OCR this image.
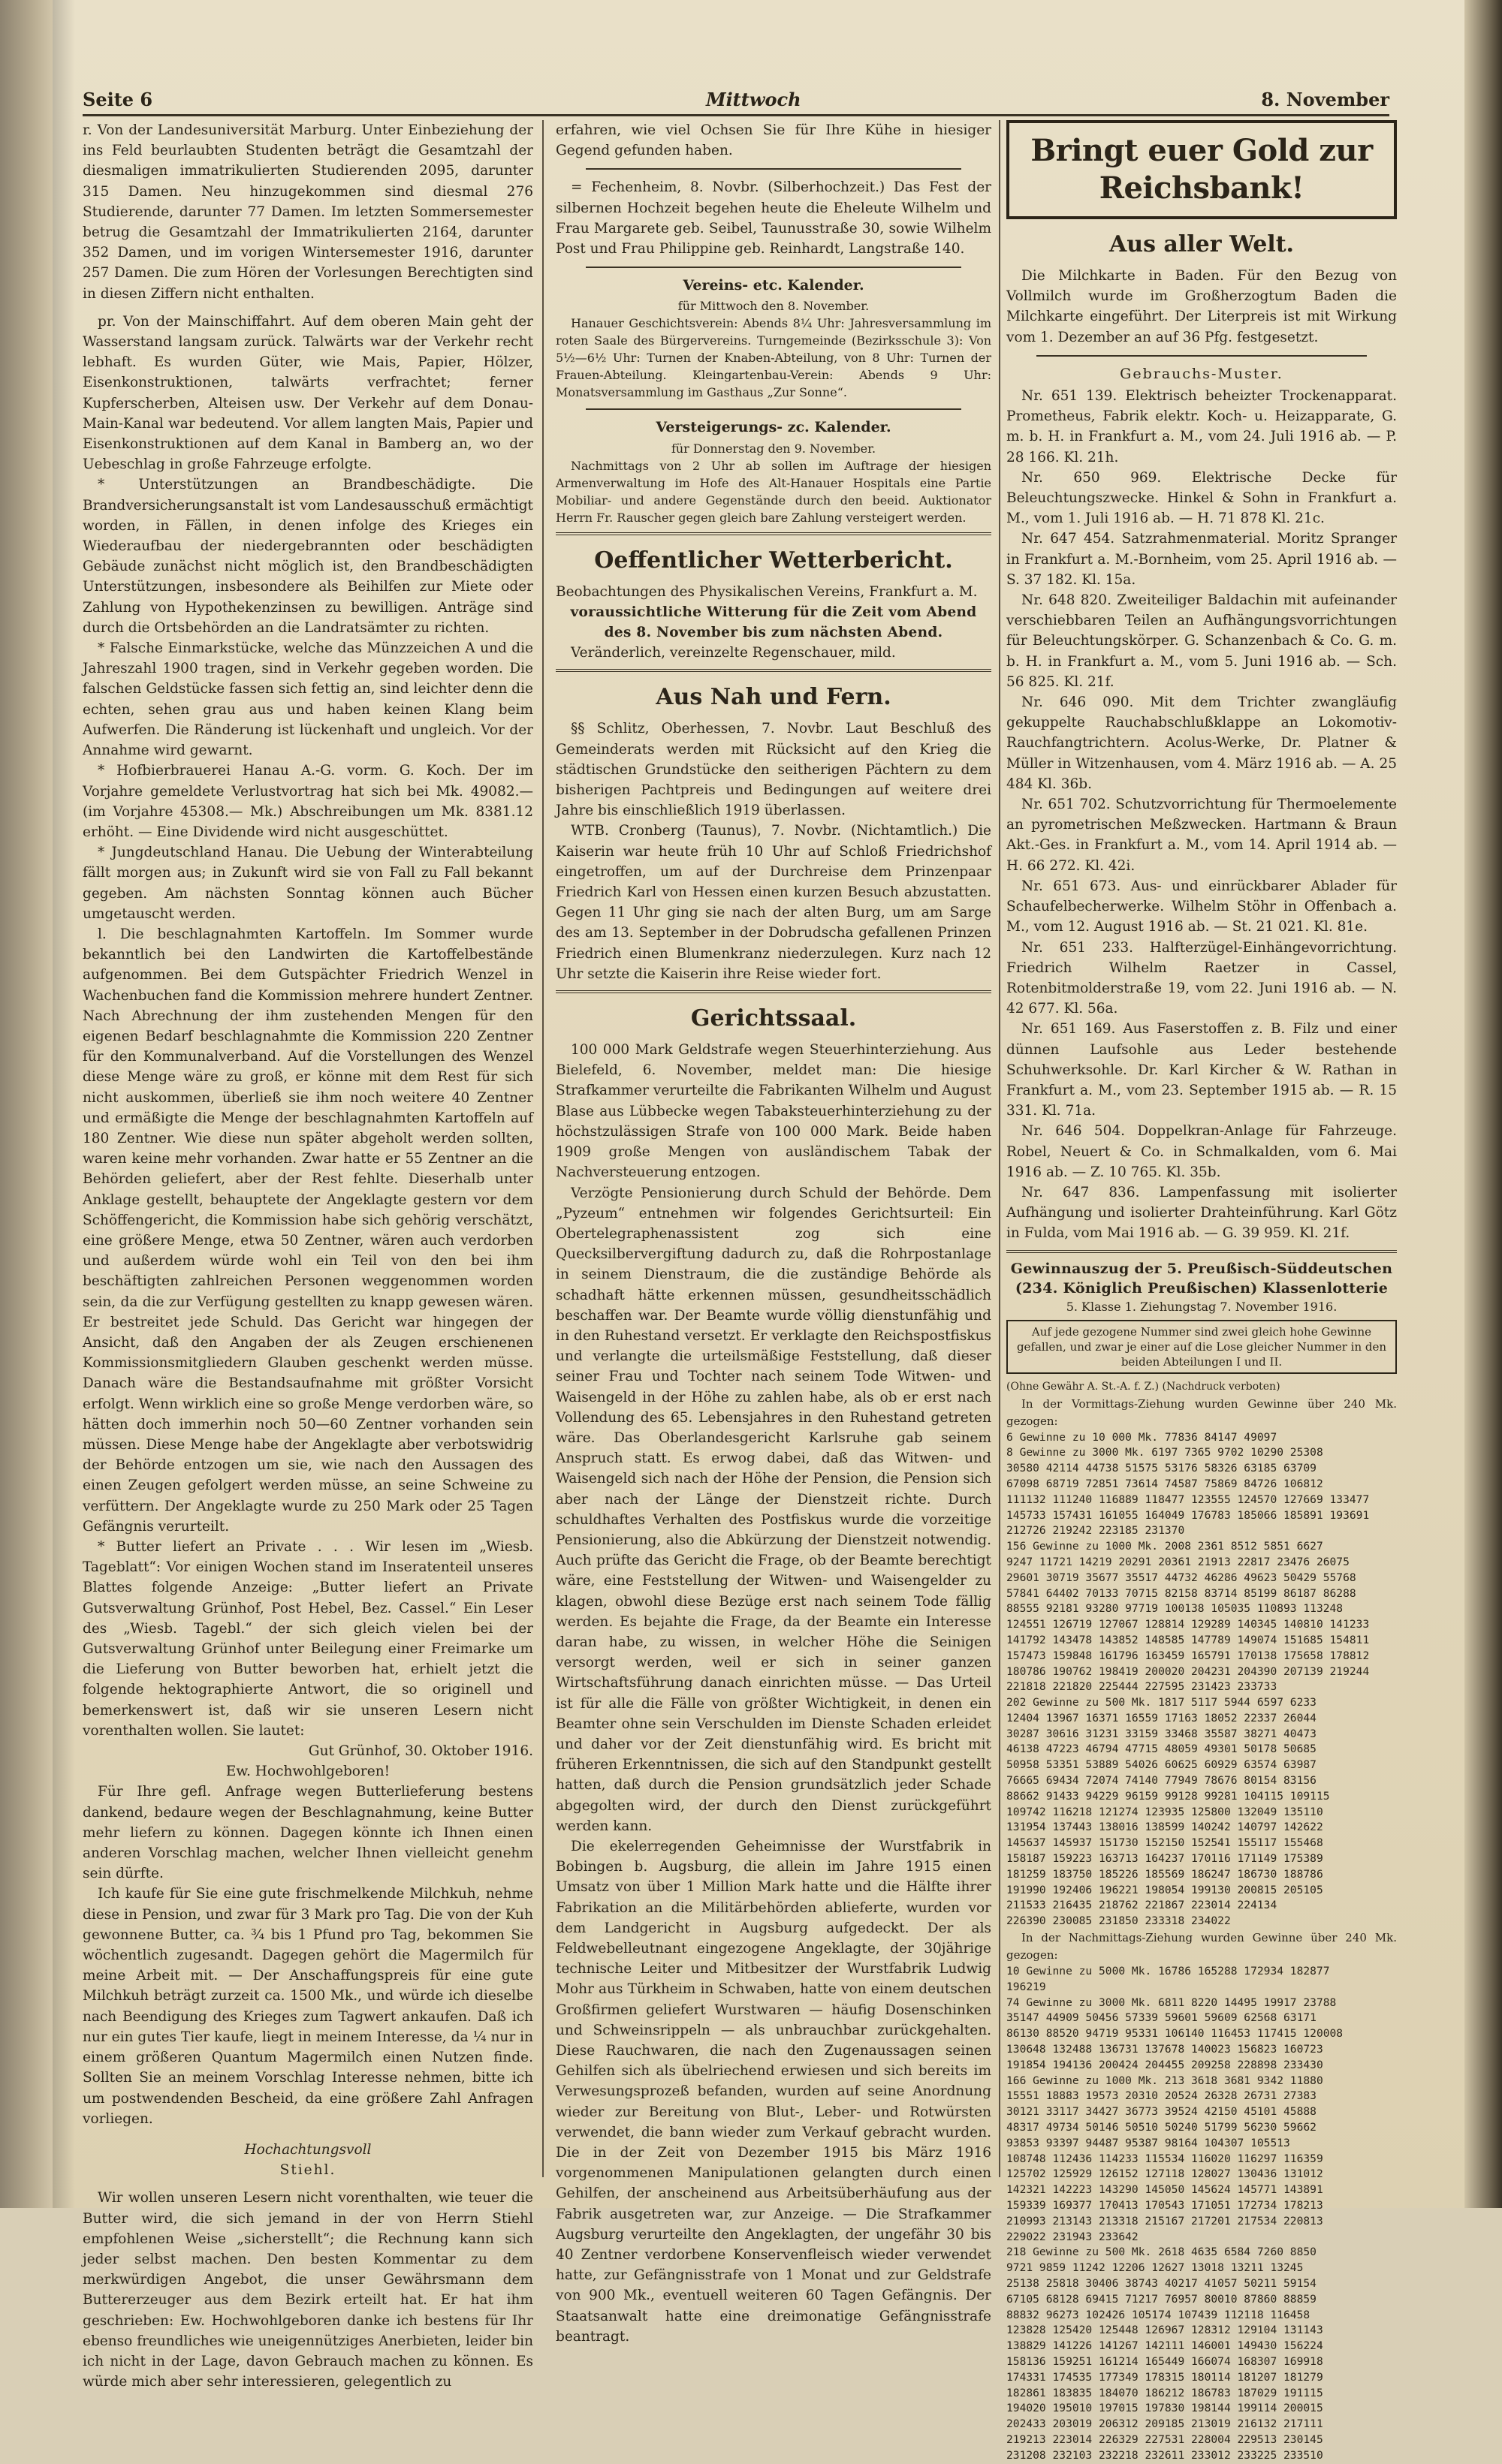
Seite 6	Mittwoch	8. November

r. Von der Landesuniversität Marburg. Unter Einbeziehung der ins Feld beurlaubten Studenten beträgt die Gesamtzahl der diesmaligen immatrikulierten Studierenden 2095, darunter 315 Damen. Neu hinzugekommen sind diesmal 276 Studierende, darunter 77 Damen. Im letzten Sommersemester betrug die Gesamtzahl der Immatrikulierten 2164, darunter 352 Damen, und im vorigen Wintersemester 1916, darunter 257 Damen. Die zum Hören der Vorlesungen Berechtigten sind in diesen Ziffern nicht enthalten.

pr. Von der Mainschiffahrt. Auf dem oberen Main geht der Wasserstand langsam zurück. Talwärts war der Verkehr recht lebhaft. Es wurden Güter, wie Mais, Papier, Hölzer, Eisenkonstruktionen, talwärts verfrachtet; ferner Kupferscherben, Alteisen usw. Der Verkehr auf dem Donau-Main-Kanal war bedeutend. Vor allem langten Mais, Papier und Eisenkonstruktionen auf dem Kanal in Bamberg an, wo der Uebeschlag in große Fahrzeuge erfolgte.

* Unterstützungen an Brandbeschädigte. Die Brandversicherungsanstalt ist vom Landesausschuß ermächtigt worden, in Fällen, in denen infolge des Krieges ein Wiederaufbau der niedergebrannten oder beschädigten Gebäude zunächst nicht möglich ist, den Brandbeschädigten Unterstützungen, insbesondere als Beihilfen zur Miete oder Zahlung von Hypothekenzinsen zu bewilligen. Anträge sind durch die Ortsbehörden an die Landratsämter zu richten.

* Falsche Einmarkstücke, welche das Münzzeichen A und die Jahreszahl 1900 tragen, sind in Verkehr gegeben worden. Die falschen Geldstücke fassen sich fettig an, sind leichter denn die echten, sehen grau aus und haben keinen Klang beim Aufwerfen. Die Ränderung ist lückenhaft und ungleich. Vor der Annahme wird gewarnt.

* Hofbierbrauerei Hanau A.-G. vorm. G. Koch. Der im Vorjahre gemeldete Verlustvortrag hat sich bei Mk. 49082.— (im Vorjahre 45308.— Mk.) Abschreibungen um Mk. 8381.12 erhöht. — Eine Dividende wird nicht ausgeschüttet.

* Jungdeutschland Hanau. Die Uebung der Winterabteilung fällt morgen aus; in Zukunft wird sie von Fall zu Fall bekannt gegeben. Am nächsten Sonntag können auch Bücher umgetauscht werden.

l. Die beschlagnahmten Kartoffeln. Im Sommer wurde bekanntlich bei den Landwirten die Kartoffelbestände aufgenommen. Bei dem Gutspächter Friedrich Wenzel in Wachenbuchen fand die Kommission mehrere hundert Zentner. Nach Abrechnung der ihm zustehenden Mengen für den eigenen Bedarf beschlagnahmte die Kommission 220 Zentner für den Kommunalverband. Auf die Vorstellungen des Wenzel diese Menge wäre zu groß, er könne mit dem Rest für sich nicht auskommen, überließ sie ihm noch weitere 40 Zentner und ermäßigte die Menge der beschlagnahmten Kartoffeln auf 180 Zentner. Wie diese nun später abgeholt werden sollten, waren keine mehr vorhanden. Zwar hatte er 55 Zentner an die Behörden geliefert, aber der Rest fehlte. Dieserhalb unter Anklage gestellt, behauptete der Angeklagte gestern vor dem Schöffengericht, die Kommission habe sich gehörig verschätzt, eine größere Menge, etwa 50 Zentner, wären auch verdorben und außerdem würde wohl ein Teil von den bei ihm beschäftigten zahlreichen Personen weggenommen worden sein, da die zur Verfügung gestellten zu knapp gewesen wären. Er bestreitet jede Schuld. Das Gericht war hingegen der Ansicht, daß den Angaben der als Zeugen erschienenen Kommissionsmitgliedern Glauben geschenkt werden müsse. Danach wäre die Bestandsaufnahme mit größter Vorsicht erfolgt. Wenn wirklich eine so große Menge verdorben wäre, so hätten doch immerhin noch 50—60 Zentner vorhanden sein müssen. Diese Menge habe der Angeklagte aber verbotswidrig der Behörde entzogen um sie, wie nach den Aussagen des einen Zeugen gefolgert werden müsse, an seine Schweine zu verfüttern. Der Angeklagte wurde zu 250 Mark oder 25 Tagen Gefängnis verurteilt.

* Butter liefert an Private . . . Wir lesen im „Wiesb. Tageblatt“: Vor einigen Wochen stand im Inseratenteil unseres Blattes folgende Anzeige: „Butter liefert an Private Gutsverwaltung Grünhof, Post Hebel, Bez. Cassel.“ Ein Leser des „Wiesb. Tagebl.“ der sich gleich vielen bei der Gutsverwaltung Grünhof unter Beilegung einer Freimarke um die Lieferung von Butter beworben hat, erhielt jetzt die folgende hektographierte Antwort, die so originell und bemerkenswert ist, daß wir sie unseren Lesern nicht vorenthalten wollen. Sie lautet:

Gut Grünhof, 30. Oktober 1916.

Ew. Hochwohlgeboren!

Für Ihre gefl. Anfrage wegen Butterlieferung bestens dankend, bedaure wegen der Beschlagnahmung, keine Butter mehr liefern zu können. Dagegen könnte ich Ihnen einen anderen Vorschlag machen, welcher Ihnen vielleicht genehm sein dürfte.

Ich kaufe für Sie eine gute frischmelkende Milchkuh, nehme diese in Pension, und zwar für 3 Mark pro Tag. Die von der Kuh gewonnene Butter, ca. ¾ bis 1 Pfund pro Tag, bekommen Sie wöchentlich zugesandt. Dagegen gehört die Magermilch für meine Arbeit mit. — Der Anschaffungspreis für eine gute Milchkuh beträgt zurzeit ca. 1500 Mk., und würde ich dieselbe nach Beendigung des Krieges zum Tagwert ankaufen. Daß ich nur ein gutes Tier kaufe, liegt in meinem Interesse, da ¼ nur in einem größeren Quantum Magermilch einen Nutzen finde. Sollten Sie an meinem Vorschlag Interesse nehmen, bitte ich um postwendenden Bescheid, da eine größere Zahl Anfragen vorliegen.

Hochachtungsvoll

Stiehl.

Wir wollen unseren Lesern nicht vorenthalten, wie teuer die Butter wird, die sich jemand in der von Herrn Stiehl empfohlenen Weise „sicherstellt“; die Rechnung kann sich jeder selbst machen. Den besten Kommentar zu dem merkwürdigen Angebot, die unser Gewährsmann dem Buttererzeuger aus dem Bezirk erteilt hat. Er hat ihm geschrieben: Ew. Hochwohlgeboren danke ich bestens für Ihr ebenso freundliches wie uneigennütziges Anerbieten, leider bin ich nicht in der Lage, davon Gebrauch machen zu können. Es würde mich aber sehr interessieren, gelegentlich zu

erfahren, wie viel Ochsen Sie für Ihre Kühe in hiesiger Gegend gefunden haben.

= Fechenheim, 8. Novbr. (Silberhochzeit.) Das Fest der silbernen Hochzeit begehen heute die Eheleute Wilhelm und Frau Margarete geb. Seibel, Taunusstraße 30, sowie Wilhelm Post und Frau Philippine geb. Reinhardt, Langstraße 140.

Vereins- etc. Kalender.

für Mittwoch den 8. November.

Hanauer Geschichtsverein: Abends 8¼ Uhr: Jahresversammlung im roten Saale des Bürgervereins. Turngemeinde (Bezirksschule 3): Von 5½—6½ Uhr: Turnen der Knaben-Abteilung, von 8 Uhr: Turnen der Frauen-Abteilung. Kleingartenbau-Verein: Abends 9 Uhr: Monatsversammlung im Gasthaus „Zur Sonne“.

Versteigerungs- zc. Kalender.

für Donnerstag den 9. November.

Nachmittags von 2 Uhr ab sollen im Auftrage der hiesigen Armenverwaltung im Hofe des Alt-Hanauer Hospitals eine Partie Mobiliar- und andere Gegenstände durch den beeid. Auktionator Herrn Fr. Rauscher gegen gleich bare Zahlung versteigert werden.

Oeffentlicher Wetterbericht.

Beobachtungen des Physikalischen Vereins, Frankfurt a. M.

voraussichtliche Witterung für die Zeit vom Abend des 8. November bis zum nächsten Abend.

Veränderlich, vereinzelte Regenschauer, mild.

Aus Nah und Fern.

§§ Schlitz, Oberhessen, 7. Novbr. Laut Beschluß des Gemeinderats werden mit Rücksicht auf den Krieg die städtischen Grundstücke den seitherigen Pächtern zu dem bisherigen Pachtpreis und Bedingungen auf weitere drei Jahre bis einschließlich 1919 überlassen.

WTB. Cronberg (Taunus), 7. Novbr. (Nichtamtlich.) Die Kaiserin war heute früh 10 Uhr auf Schloß Friedrichshof eingetroffen, um auf der Durchreise dem Prinzenpaar Friedrich Karl von Hessen einen kurzen Besuch abzustatten. Gegen 11 Uhr ging sie nach der alten Burg, um am Sarge des am 13. September in der Dobrudscha gefallenen Prinzen Friedrich einen Blumenkranz niederzulegen. Kurz nach 12 Uhr setzte die Kaiserin ihre Reise wieder fort.

Gerichtssaal.

100 000 Mark Geldstrafe wegen Steuerhinterziehung. Aus Bielefeld, 6. November, meldet man: Die hiesige Strafkammer verurteilte die Fabrikanten Wilhelm und August Blase aus Lübbecke wegen Tabaksteuerhinterziehung zu der höchstzulässigen Strafe von 100 000 Mark. Beide haben 1909 große Mengen von ausländischem Tabak der Nachversteuerung entzogen.

Verzögte Pensionierung durch Schuld der Behörde. Dem „Pyzeum“ entnehmen wir folgendes Gerichtsurteil: Ein Obertelegraphenassistent zog sich eine Quecksilbervergiftung dadurch zu, daß die Rohrpostanlage in seinem Dienstraum, die die zuständige Behörde als schadhaft hätte erkennen müssen, gesundheitsschädlich beschaffen war. Der Beamte wurde völlig dienstunfähig und in den Ruhestand versetzt. Er verklagte den Reichspostfiskus und verlangte die urteilsmäßige Feststellung, daß dieser seiner Frau und Tochter nach seinem Tode Witwen- und Waisengeld in der Höhe zu zahlen habe, als ob er erst nach Vollendung des 65. Lebensjahres in den Ruhestand getreten wäre. Das Oberlandesgericht Karlsruhe gab seinem Anspruch statt. Es erwog dabei, daß das Witwen- und Waisengeld sich nach der Höhe der Pension, die Pension sich aber nach der Länge der Dienstzeit richte. Durch schuldhaftes Verhalten des Postfiskus wurde die vorzeitige Pensionierung, also die Abkürzung der Dienstzeit notwendig. Auch prüfte das Gericht die Frage, ob der Beamte berechtigt wäre, eine Feststellung der Witwen- und Waisengelder zu klagen, obwohl diese Bezüge erst nach seinem Tode fällig werden. Es bejahte die Frage, da der Beamte ein Interesse daran habe, zu wissen, in welcher Höhe die Seinigen versorgt werden, weil er sich in seiner ganzen Wirtschaftsführung danach einrichten müsse. — Das Urteil ist für alle die Fälle von größter Wichtigkeit, in denen ein Beamter ohne sein Verschulden im Dienste Schaden erleidet und daher vor der Zeit dienstunfähig wird. Es bricht mit früheren Erkenntnissen, die sich auf den Standpunkt gestellt hatten, daß durch die Pension grundsätzlich jeder Schade abgegolten wird, der durch den Dienst zurückgeführt werden kann.

Die ekelerregenden Geheimnisse der Wurstfabrik in Bobingen b. Augsburg, die allein im Jahre 1915 einen Umsatz von über 1 Million Mark hatte und die Hälfte ihrer Fabrikation an die Militärbehörden ablieferte, wurden vor dem Landgericht in Augsburg aufgedeckt. Der als Feldwebelleutnant eingezogene Angeklagte, der 30jährige technische Leiter und Mitbesitzer der Wurstfabrik Ludwig Mohr aus Türkheim in Schwaben, hatte von einem deutschen Großfirmen geliefert Wurstwaren — häufig Dosenschinken und Schweinsrippeln — als unbrauchbar zurückgehalten. Diese Rauchwaren, die nach den Zugenaussagen seinen Gehilfen sich als übelriechend erwiesen und sich bereits im Verwesungsprozeß befanden, wurden auf seine Anordnung wieder zur Bereitung von Blut-, Leber- und Rotwürsten verwendet, die bann wieder zum Verkauf gebracht wurden. Die in der Zeit von Dezember 1915 bis März 1916 vorgenommenen Manipulationen gelangten durch einen Gehilfen, der anscheinend aus Arbeitsüberhäufung aus der Fabrik ausgetreten war, zur Anzeige. — Die Strafkammer Augsburg verurteilte den Angeklagten, der ungefähr 30 bis 40 Zentner verdorbene Konservenfleisch wieder verwendet hatte, zur Gefängnisstrafe von 1 Monat und zur Geldstrafe von 900 Mk., eventuell weiteren 60 Tagen Gefängnis. Der Staatsanwalt hatte eine dreimonatige Gefängnisstrafe beantragt.

Bringt euer Gold zur Reichsbank!
Aus aller Welt.

Die Milchkarte in Baden. Für den Bezug von Vollmilch wurde im Großherzogtum Baden die Milchkarte eingeführt. Der Literpreis ist mit Wirkung vom 1. Dezember an auf 36 Pfg. festgesetzt.

Gebrauchs-Muster.

Nr. 651 139. Elektrisch beheizter Trockenapparat. Prometheus, Fabrik elektr. Koch- u. Heizapparate, G. m. b. H. in Frankfurt a. M., vom 24. Juli 1916 ab. — P. 28 166. Kl. 21h.

Nr. 650 969. Elektrische Decke für Beleuchtungszwecke. Hinkel & Sohn in Frankfurt a. M., vom 1. Juli 1916 ab. — H. 71 878 Kl. 21c.

Nr. 647 454. Satzrahmenmaterial. Moritz Spranger in Frankfurt a. M.-Bornheim, vom 25. April 1916 ab. — S. 37 182. Kl. 15a.

Nr. 648 820. Zweiteiliger Baldachin mit aufeinander verschiebbaren Teilen an Aufhängungsvorrichtungen für Beleuchtungskörper. G. Schanzenbach & Co. G. m. b. H. in Frankfurt a. M., vom 5. Juni 1916 ab. — Sch. 56 825. Kl. 21f.

Nr. 646 090. Mit dem Trichter zwangläufig gekuppelte Rauchabschlußklappe an Lokomotiv-Rauchfangtrichtern. Acolus-Werke, Dr. Platner & Müller in Witzenhausen, vom 4. März 1916 ab. — A. 25 484 Kl. 36b.

Nr. 651 702. Schutzvorrichtung für Thermoelemente an pyrometrischen Meßzwecken. Hartmann & Braun Akt.-Ges. in Frankfurt a. M., vom 14. April 1914 ab. — H. 66 272. Kl. 42i.

Nr. 651 673. Aus- und einrückbarer Ablader für Schaufelbecherwerke. Wilhelm Stöhr in Offenbach a. M., vom 12. August 1916 ab. — St. 21 021. Kl. 81e.

Nr. 651 233. Halfterzügel-Einhängevorrichtung. Friedrich Wilhelm Raetzer in Cassel, Rotenbitmolderstraße 19, vom 22. Juni 1916 ab. — N. 42 677. Kl. 56a.

Nr. 651 169. Aus Faserstoffen z. B. Filz und einer dünnen Laufsohle aus Leder bestehende Schuhwerksohle. Dr. Karl Kircher & W. Rathan in Frankfurt a. M., vom 23. September 1915 ab. — R. 15 331. Kl. 71a.

Nr. 646 504. Doppelkran-Anlage für Fahrzeuge. Robel, Neuert & Co. in Schmalkalden, vom 6. Mai 1916 ab. — Z. 10 765. Kl. 35b.

Nr. 647 836. Lampenfassung mit isolierter Aufhängung und isolierter Drahteinführung. Karl Götz in Fulda, vom Mai 1916 ab. — G. 39 959. Kl. 21f.

Gewinnauszug der 5. Preußisch-Süddeutschen (234. Königlich Preußischen) Klassenlotterie
5. Klasse 1. Ziehungstag 7. November 1916.
Auf jede gezogene Nummer sind zwei gleich hohe Gewinne gefallen, und zwar je einer auf die Lose gleicher Nummer in den beiden Abteilungen I und II.
(Ohne Gewähr A. St.-A. f. Z.) (Nachdruck verboten)
In der Vormittags-Ziehung wurden Gewinne über 240 Mk. gezogen:
6 Gewinne zu 10 000 Mk. 77836 84147 49097
8 Gewinne zu 3000 Mk. 6197 7365 9702 10290 25308
30580 42114 44738 51575 53176 58326 63185 63709
67098 68719 72851 73614 74587 75869 84726 106812
111132 111240 116889 118477 123555 124570 127669 133477
145733 157431 161055 164049 176783 185066 185891 193691
212726 219242 223185 231370
156 Gewinne zu 1000 Mk. 2008 2361 8512 5851 6627
9247 11721 14219 20291 20361 21913 22817 23476 26075
29601 30719 35677 35517 44732 46286 49623 50429 55768
57841 64402 70133 70715 82158 83714 85199 86187 86288
88555 92181 93280 97719 100138 105035 110893 113248
124551 126719 127067 128814 129289 140345 140810 141233
141792 143478 143852 148585 147789 149074 151685 154811
157473 159848 161796 163459 165791 170138 175658 178812
180786 190762 198419 200020 204231 204390 207139 219244
221818 221820 225444 227595 231423 233733
202 Gewinne zu 500 Mk. 1817 5117 5944 6597 6233
12404 13967 16371 16559 17163 18052 22337 26044
30287 30616 31231 33159 33468 35587 38271 40473
46138 47223 46794 47715 48059 49301 50178 50685
50958 53351 53889 54026 60625 60929 63574 63987
76665 69434 72074 74140 77949 78676 80154 83156
88662 91433 94229 96159 99128 99281 104115 109115
109742 116218 121274 123935 125800 132049 135110
131954 137443 138016 138599 140242 140797 142622
145637 145937 151730 152150 152541 155117 155468
158187 159223 163713 164237 170116 171149 175389
181259 183750 185226 185569 186247 186730 188786
191990 192406 196221 198054 199130 200815 205105
211533 216435 218762 221867 223014 224134
226390 230085 231850 233318 234022
In der Nachmittags-Ziehung wurden Gewinne über 240 Mk. gezogen:
10 Gewinne zu 5000 Mk. 16786 165288 172934 182877
196219
74 Gewinne zu 3000 Mk. 6811 8220 14495 19917 23788
35147 44909 50456 57339 59601 59609 62568 63171
86130 88520 94719 95331 106140 116453 117415 120008
130648 132488 136731 137678 140023 156823 160723
191854 194136 200424 204455 209258 228898 233430
166 Gewinne zu 1000 Mk. 213 3618 3681 9342 11880
15551 18883 19573 20310 20524 26328 26731 27383
30121 33117 34427 36773 39524 42150 45101 45888
48317 49734 50146 50510 50240 51799 56230 59662
93853 93397 94487 95387 98164 104307 105513
108748 112436 114233 115534 116020 116297 116359
125702 125929 126152 127118 128027 130436 131012
142321 142223 143290 145050 145624 145771 143891
159339 169377 170413 170543 171051 172734 178213
210993 213143 213318 215167 217201 217534 220813
229022 231943 233642
218 Gewinne zu 500 Mk. 2618 4635 6584 7260 8850
9721 9859 11242 12206 12627 13018 13211 13245
25138 25818 30406 38743 40217 41057 50211 59154
67105 68128 69415 71217 76957 80010 87860 88859
88832 96273 102426 105174 107439 112118 116458
123828 125420 125448 126967 128312 129104 131143
138829 141226 141267 142111 146001 149430 156224
158136 159251 161214 165449 166074 168307 169918
174331 174535 177349 178315 180114 181207 181279
182861 183835 184070 186212 186783 187029 191115
194020 195010 197015 197830 198144 199114 200015
202433 203019 206312 209185 213019 216132 217111
219213 223014 226329 227531 228004 229513 230145
231208 232103 232218 232611 233012 233225 233510
